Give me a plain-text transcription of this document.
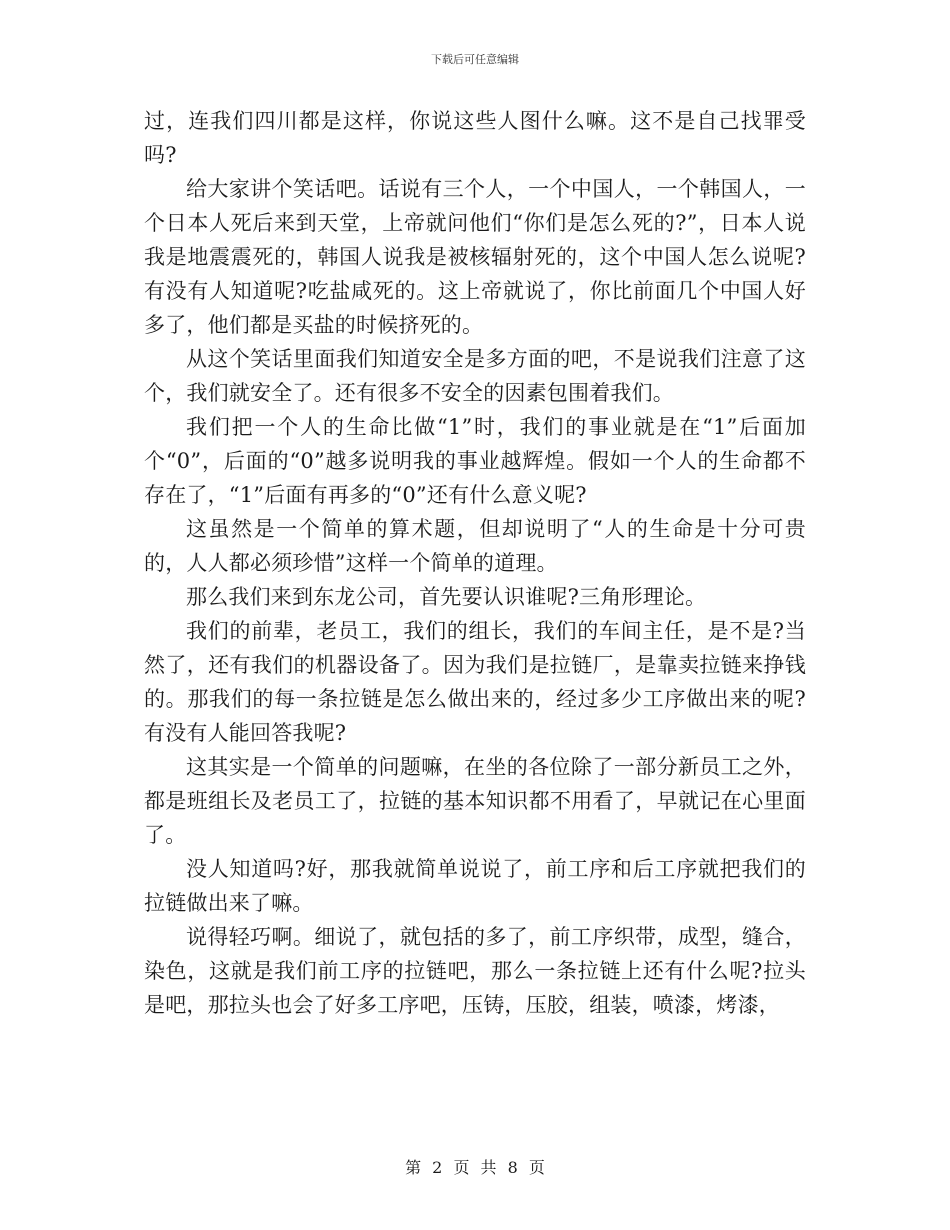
下载后可任意编辑

过，连我们四川都是这样，你说这些人图什么嘛。这不是自己找罪受吗?

给大家讲个笑话吧。话说有三个人，一个中国人，一个韩国人，一个日本人死后来到天堂，上帝就问他们“你们是怎么死的?”，日本人说我是地震震死的，韩国人说我是被核辐射死的，这个中国人怎么说呢?有没有人知道呢?吃盐咸死的。这上帝就说了，你比前面几个中国人好多了，他们都是买盐的时候挤死的。

从这个笑话里面我们知道安全是多方面的吧，不是说我们注意了这个，我们就安全了。还有很多不安全的因素包围着我们。

我们把一个人的生命比做“1”时，我们的事业就是在“1”后面加个“0”，后面的“0”越多说明我的事业越辉煌。假如一个人的生命都不存在了，“1”后面有再多的“0”还有什么意义呢?

这虽然是一个简单的算术题，但却说明了“人的生命是十分可贵的，人人都必须珍惜”这样一个简单的道理。

那么我们来到东龙公司，首先要认识谁呢?三角形理论。

我们的前辈，老员工，我们的组长，我们的车间主任，是不是?当然了，还有我们的机器设备了。因为我们是拉链厂，是靠卖拉链来挣钱的。那我们的每一条拉链是怎么做出来的，经过多少工序做出来的呢?有没有人能回答我呢?

这其实是一个简单的问题嘛，在坐的各位除了一部分新员工之外，都是班组长及老员工了，拉链的基本知识都不用看了，早就记在心里面了。

没人知道吗?好，那我就简单说说了，前工序和后工序就把我们的拉链做出来了嘛。

说得轻巧啊。细说了，就包括的多了，前工序织带，成型，缝合，染色，这就是我们前工序的拉链吧，那么一条拉链上还有什么呢?拉头是吧，那拉头也会了好多工序吧，压铸，压胶，组装，喷漆，烤漆，

第 2 页 共 8 页
